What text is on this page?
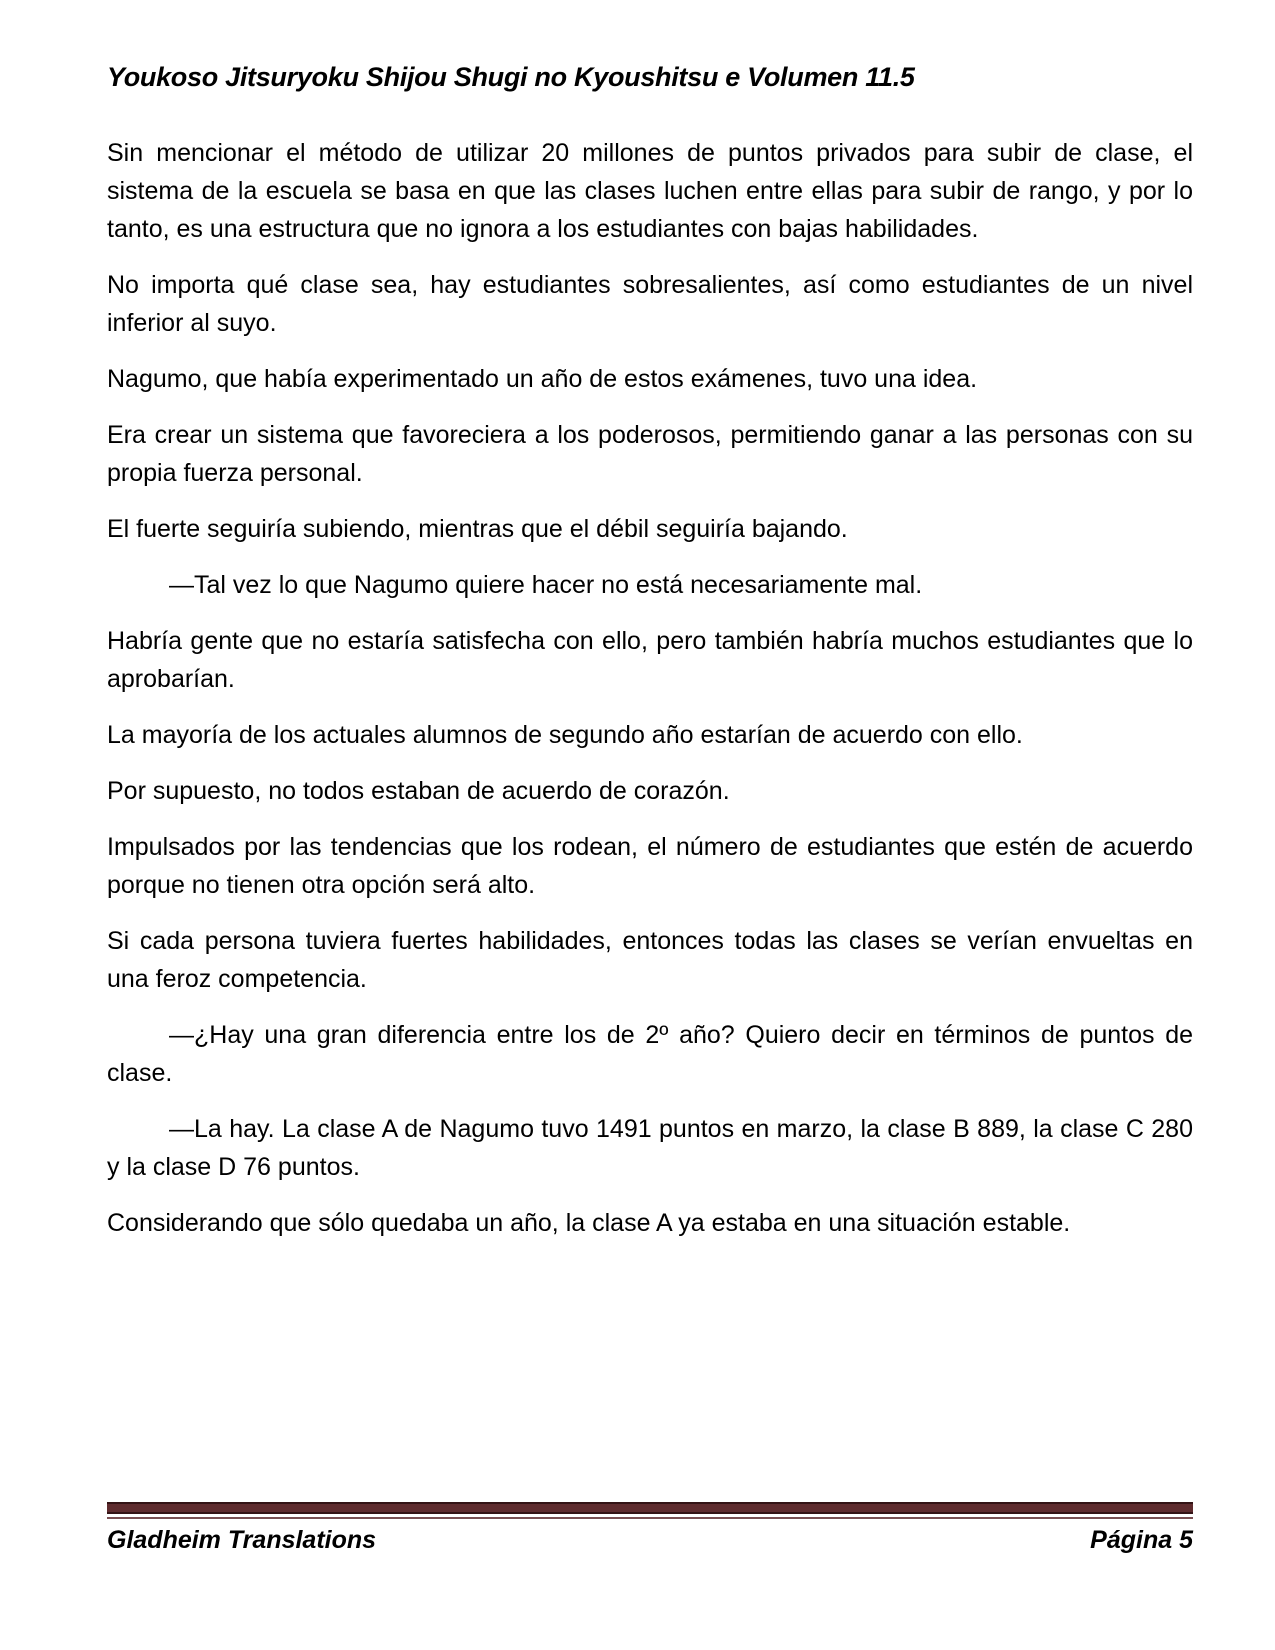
Youkoso Jitsuryoku Shijou Shugi no Kyoushitsu e Volumen 11.5

Sin mencionar el método de utilizar 20 millones de puntos privados para subir de clase, el sistema de la escuela se basa en que las clases luchen entre ellas para subir de rango, y por lo tanto, es una estructura que no ignora a los estudiantes con bajas habilidades.

No importa qué clase sea, hay estudiantes sobresalientes, así como estudiantes de un nivel inferior al suyo.

Nagumo, que había experimentado un año de estos exámenes, tuvo una idea.

Era crear un sistema que favoreciera a los poderosos, permitiendo ganar a las personas con su propia fuerza personal.

El fuerte seguiría subiendo, mientras que el débil seguiría bajando.

—Tal vez lo que Nagumo quiere hacer no está necesariamente mal.

Habría gente que no estaría satisfecha con ello, pero también habría muchos estudiantes que lo aprobarían.

La mayoría de los actuales alumnos de segundo año estarían de acuerdo con ello.

Por supuesto, no todos estaban de acuerdo de corazón.

Impulsados por las tendencias que los rodean, el número de estudiantes que estén de acuerdo porque no tienen otra opción será alto.

Si cada persona tuviera fuertes habilidades, entonces todas las clases se verían envueltas en una feroz competencia.

—¿Hay una gran diferencia entre los de 2º año? Quiero decir en términos de puntos de clase.

—La hay. La clase A de Nagumo tuvo 1491 puntos en marzo, la clase B 889, la clase C 280 y la clase D 76 puntos.

Considerando que sólo quedaba un año, la clase A ya estaba en una situación estable.

Gladheim Translations	Página 5
